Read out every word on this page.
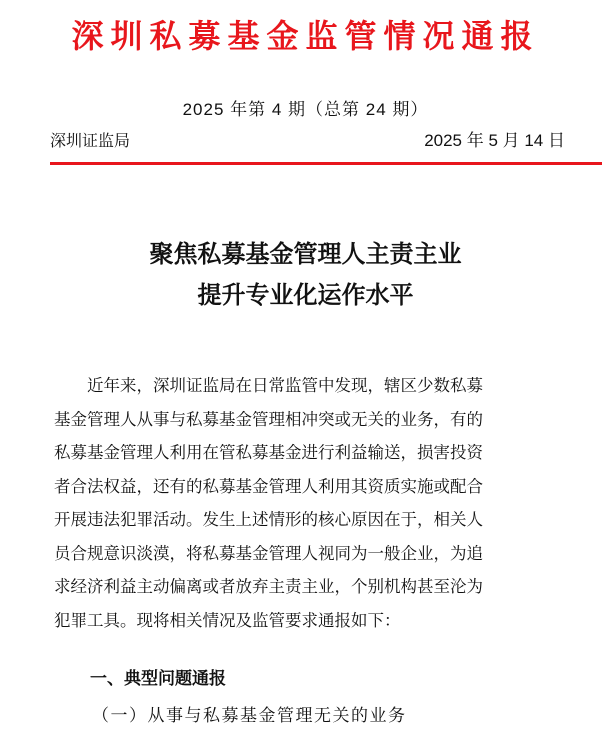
深圳私募基金监管情况通报
2025 年第 4 期（总第 24 期）
深圳证监局	2025 年 5 月 14 日
聚焦私募基金管理人主责主业
提升专业化运作水平
近年来，深圳证监局在日常监管中发现，辖区少数私募
基金管理人从事与私募基金管理相冲突或无关的业务，有的
私募基金管理人利用在管私募基金进行利益输送，损害投资
者合法权益，还有的私募基金管理人利用其资质实施或配合
开展违法犯罪活动。发生上述情形的核心原因在于，相关人
员合规意识淡漠，将私募基金管理人视同为一般企业，为追
求经济利益主动偏离或者放弃主责主业，个别机构甚至沦为
犯罪工具。现将相关情况及监管要求通报如下：
一、典型问题通报
（一）从事与私募基金管理无关的业务
